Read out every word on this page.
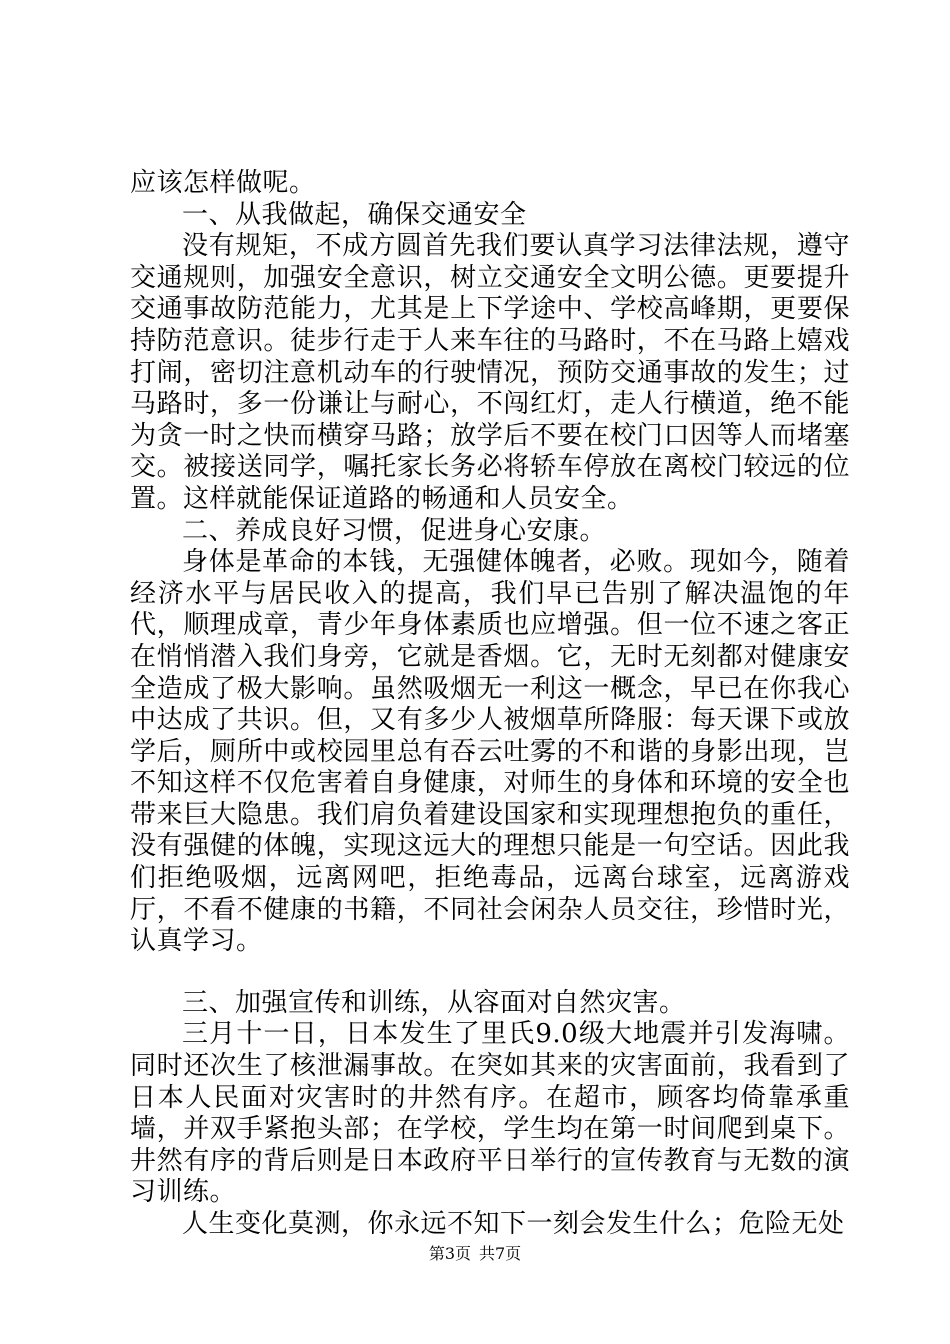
应该怎样做呢。

一、从我做起，确保交通安全

没有规矩，不成方圆首先我们要认真学习法律法规，遵守交通规则，加强安全意识，树立交通安全文明公德。更要提升交通事故防范能力，尤其是上下学途中、学校高峰期，更要保持防范意识。徒步行走于人来车往的马路时，不在马路上嬉戏打闹，密切注意机动车的行驶情况，预防交通事故的发生；过马路时，多一份谦让与耐心，不闯红灯，走人行横道，绝不能为贪一时之快而横穿马路；放学后不要在校门口因等人而堵塞交。被接送同学，嘱托家长务必将轿车停放在离校门较远的位置。这样就能保证道路的畅通和人员安全。

二、养成良好习惯，促进身心安康。

身体是革命的本钱，无强健体魄者，必败。现如今，随着经济水平与居民收入的提高，我们早已告别了解决温饱的年代，顺理成章，青少年身体素质也应增强。但一位不速之客正在悄悄潜入我们身旁，它就是香烟。它，无时无刻都对健康安全造成了极大影响。虽然吸烟无一利这一概念，早已在你我心中达成了共识。但，又有多少人被烟草所降服：每天课下或放学后，厕所中或校园里总有吞云吐雾的不和谐的身影出现，岂不知这样不仅危害着自身健康，对师生的身体和环境的安全也带来巨大隐患。我们肩负着建设国家和实现理想抱负的重任，没有强健的体魄，实现这远大的理想只能是一句空话。因此我们拒绝吸烟，远离网吧，拒绝毒品，远离台球室，远离游戏厅，不看不健康的书籍，不同社会闲杂人员交往，珍惜时光，认真学习。

三、加强宣传和训练，从容面对自然灾害。

三月十一日，日本发生了里氏9.0级大地震并引发海啸。同时还次生了核泄漏事故。在突如其来的灾害面前，我看到了日本人民面对灾害时的井然有序。在超市，顾客均倚靠承重墙，并双手紧抱头部；在学校，学生均在第一时间爬到桌下。井然有序的背后则是日本政府平日举行的宣传教育与无数的演习训练。

人生变化莫测，你永远不知下一刻会发生什么；危险无处

第3页 共7页
